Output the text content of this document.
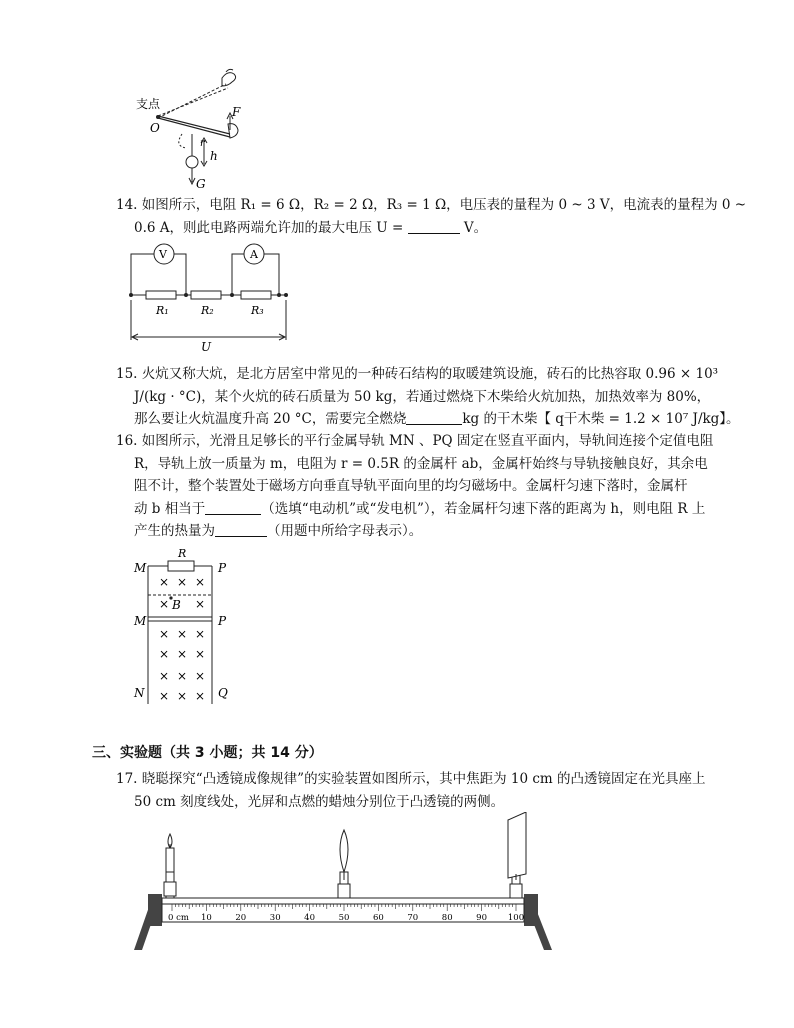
支点
O
F
r
h
G
14. 如图所示，电阻 R₁ = 6 Ω，R₂ = 2 Ω，R₃ = 1 Ω，电压表的量程为 0 ~ 3 V，电流表的量程为 0 ~
0.6 A，则此电路两端允许加的最大电压 U =	V。
V	A
R₁	R₂	R₃
U
15. 火炕又称大炕，是北方居室中常见的一种砖石结构的取暖建筑设施，砖石的比热容取 0.96 × 10³
J/(kg · °C)，某个火炕的砖石质量为 50 kg，若通过燃烧下木柴给火炕加热，加热效率为 80%，
那么要让火炕温度升高 20 °C，需要完全燃烧	kg 的干木柴【 q干木柴 = 1.2 × 10⁷ J/kg】。
16. 如图所示，光滑且足够长的平行金属导轨 MN 、PQ 固定在竖直平面内，导轨间连接个定值电阻
R，导轨上放一质量为 m，电阻为 r = 0.5R 的金属杆 ab，金属杆始终与导轨接触良好，其余电
阻不计，整个装置处于磁场方向垂直导轨平面向里的均匀磁场中。金属杆匀速下落时，金属杆
动 b 相当于	（选填“电动机”或“发电机”），若金属杆匀速下落的距离为 h，则电阻 R 上
产生的热量为	（用题中所给字母表示）。
M	P
R
M	P
N	Q
B
× × ×
× ×
× × ×
× × ×
× × ×
× × ×
三、实验题（共 3 小题；共 14 分）
17. 晓聪探究“凸透镜成像规律”的实验装置如图所示，其中焦距为 10 cm 的凸透镜固定在光具座上
50 cm 刻度线处，光屏和点燃的蜡烛分别位于凸透镜的两侧。
0 cm 10	20	30	40	50	60	70	80	90 100
